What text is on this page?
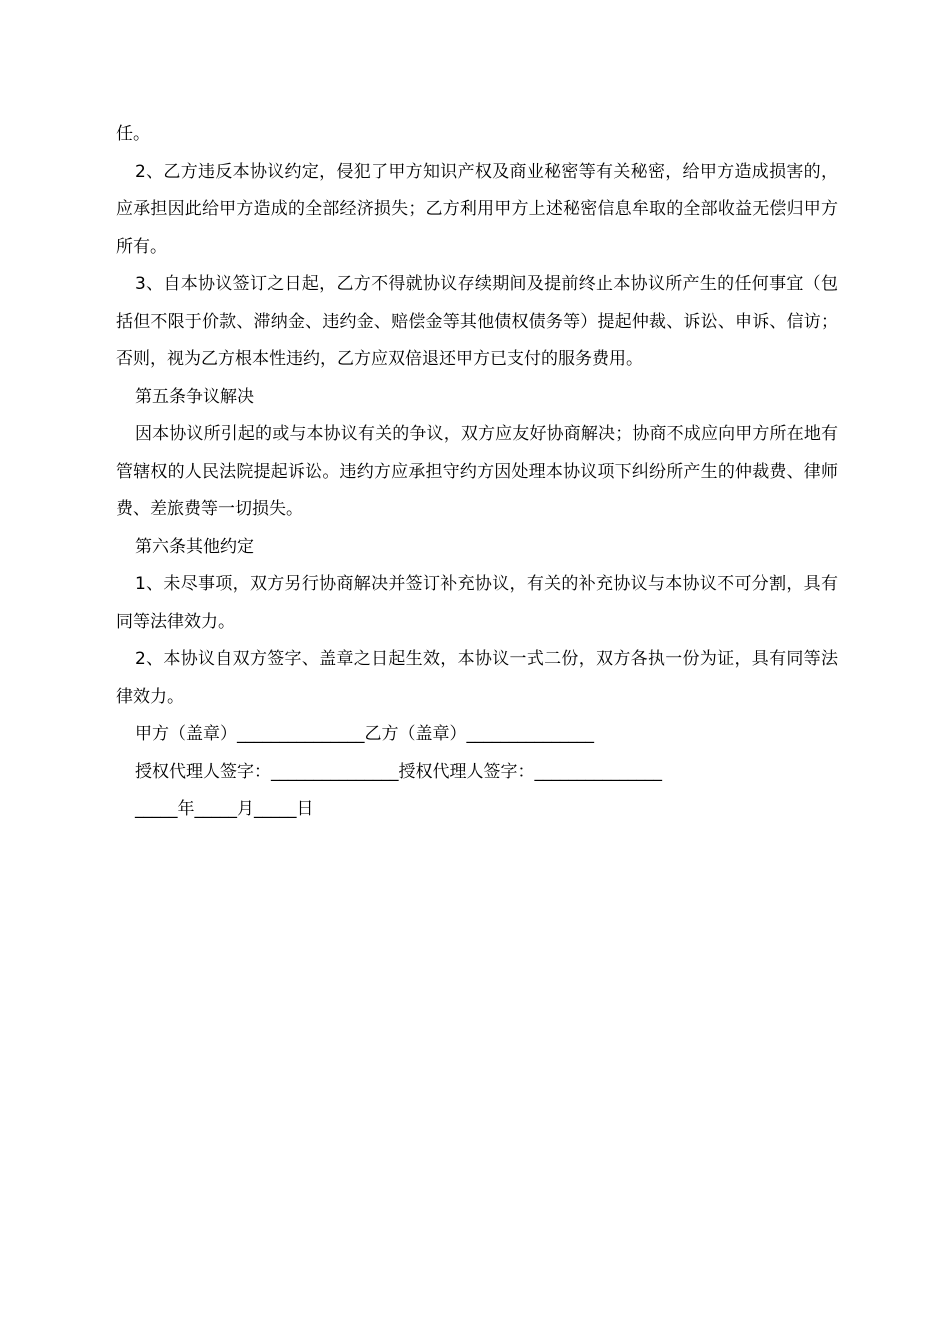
任。

2、乙方违反本协议约定，侵犯了甲方知识产权及商业秘密等有关秘密，给甲方造成损害的，应承担因此给甲方造成的全部经济损失；乙方利用甲方上述秘密信息牟取的全部收益无偿归甲方所有。

3、自本协议签订之日起，乙方不得就协议存续期间及提前终止本协议所产生的任何事宜（包括但不限于价款、滞纳金、违约金、赔偿金等其他债权债务等）提起仲裁、诉讼、申诉、信访；否则，视为乙方根本性违约，乙方应双倍退还甲方已支付的服务费用。

第五条争议解决

因本协议所引起的或与本协议有关的争议，双方应友好协商解决；协商不成应向甲方所在地有管辖权的人民法院提起诉讼。违约方应承担守约方因处理本协议项下纠纷所产生的仲裁费、律师费、差旅费等一切损失。

第六条其他约定

1、未尽事项，双方另行协商解决并签订补充协议，有关的补充协议与本协议不可分割，具有同等法律效力。

2、本协议自双方签字、盖章之日起生效，本协议一式二份，双方各执一份为证，具有同等法律效力。

甲方（盖章）_______________乙方（盖章）_______________

授权代理人签字：_______________授权代理人签字：_______________

_____年_____月_____日
